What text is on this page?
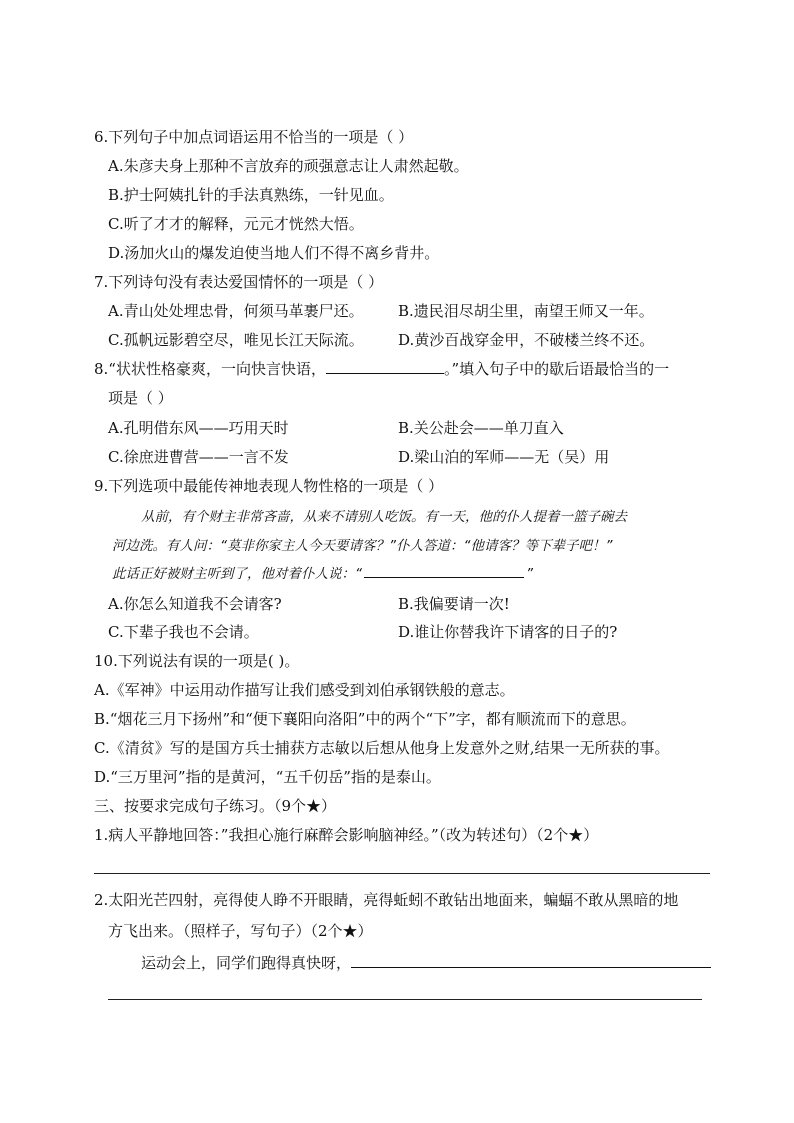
6.下列句子中加点词语运用不恰当的一项是（ ）
A.朱彦夫身上那种不言放弃的顽强意志让人肃然起敬。
B.护士阿姨扎针的手法真熟练，一针见血。
C.听了才才的解释，元元才恍然大悟。
D.汤加火山的爆发迫使当地人们不得不离乡背井。
7.下列诗句没有表达爱国情怀的一项是（ ）
A.青山处处埋忠骨，何须马革裹尸还。 B.遗民泪尽胡尘里，南望王师又一年。
C.孤帆远影碧空尽，唯见长江天际流。 D.黄沙百战穿金甲，不破楼兰终不还。
8.“状状性格豪爽，一向快言快语，	。”填入句子中的歇后语最恰当的一
项是（ ）
A.孔明借东风——巧用天时	B.关公赴会——单刀直入
C.徐庶进曹营——一言不发	D.梁山泊的军师——无（吴）用
9.下列选项中最能传神地表现人物性格的一项是（ ）
从前，有个财主非常吝啬，从来不请别人吃饭。有一天，他的仆人提着一篮子碗去
河边洗。有人问：“莫非你家主人今天要请客？”仆人答道：“他请客？等下辈子吧！”
此话正好被财主听到了，他对着仆人说：“	”
A.你怎么知道我不会请客?	B.我偏要请一次!
C.下辈子我也不会请。	D.谁让你替我许下请客的日子的?
10.下列说法有误的一项是( )。
A.《军神》中运用动作描写让我们感受到刘伯承钢铁般的意志。
B.“烟花三月下扬州”和“便下襄阳向洛阳”中的两个“下”字，都有顺流而下的意思。
C.《清贫》写的是国方兵士捕获方志敏以后想从他身上发意外之财,结果一无所获的事。
D.“三万里河”指的是黄河，“五千仞岳”指的是泰山。
三、按要求完成句子练习。（9个★）
1.病人平静地回答：”我担心施行麻醉会影响脑神经。”（改为转述句）（2个★）
2.太阳光芒四射，亮得使人睁不开眼睛，亮得蚯蚓不敢钻出地面来，蝙蝠不敢从黑暗的地
方飞出来。（照样子，写句子）（2个★）
运动会上，同学们跑得真快呀，
